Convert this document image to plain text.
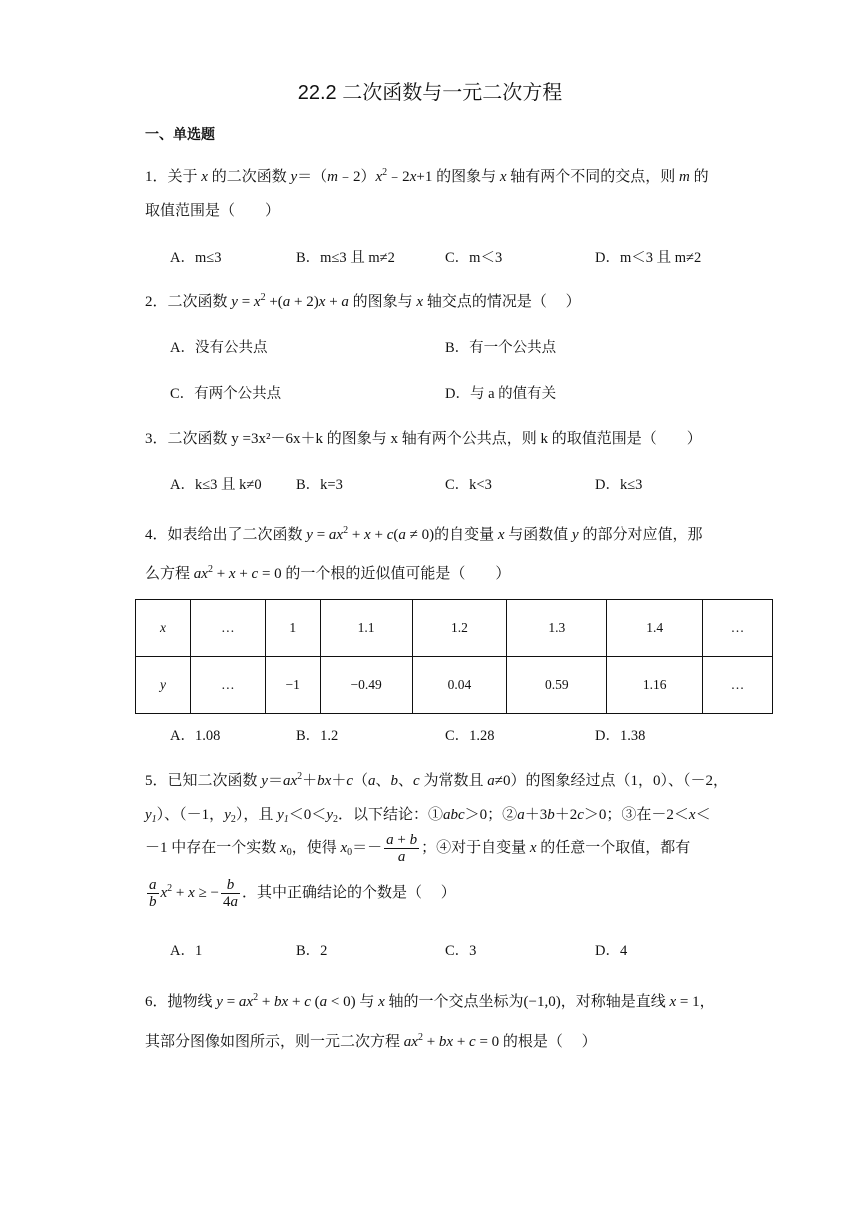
22.2 二次函数与一元二次方程
一、单选题
1．关于 x 的二次函数 $y=(m﹣2)x^2﹣2x+1$ 的图象与 x 轴有两个不同的交点，则 m 的
取值范围是（　　）
A．m≤3	B．m≤3 且 m≠2	C．m＜3	D．m＜3 且 m≠2
2．二次函数 $y = x^2 +(a + 2)x + a$ 的图象与 x 轴交点的情况是（　 ）
A．没有公共点	B．有一个公共点
C．有两个公共点	D．与 a 的值有关
3．二次函数 y =3x²－6x＋k 的图象与 x 轴有两个公共点，则 k 的取值范围是（　　）
A．k≤3 且 k≠0 B．k=3	C．k<3	D．k≤3
4．如表给出了二次函数 $y = ax^2 + x + c(a \ne 0)$的自变量 x 与函数值 y 的部分对应值，那
么方程 $ax^2 + x + c = 0$ 的一个根的近似值可能是（　　）
x	…	1	1.1	1.2	1.3	1.4	…
y	…	−1	−0.49	0.04	0.59	1.16	…
A．1.08	B．1.2	C．1.28	D．1.38
5．已知二次函数 $y=ax^2+bx+c(a$、b、c 为常数且 a≠0）的图象经过点（1，0）、（－2，
$y_1$）、（－1，$y_2$），且 $y_1<0<y_2$．以下结论：①abc＞0；②a＋3b＋2c＞0；③在－2＜x＜
－1 中存在一个实数 $x_0$，使得 $x_0=- \frac{a + b}{a}$ ；④对于自变量 x 的任意一个取值，都有
$\frac{a}{b} x^2 + x$ ≥ − $\frac{b}{4a}$ ．其中正确结论的个数是（　 ）
A．1	B．2	C．3	D．4
6．抛物线 $y = ax^2$ + bx + c (a < 0) 与 x 轴的一个交点坐标为(−1,0)，对称轴是直线 x = 1，
其部分图像如图所示，则一元二次方程 $ax^2$ + bx + c = 0 的根是（　 ）
